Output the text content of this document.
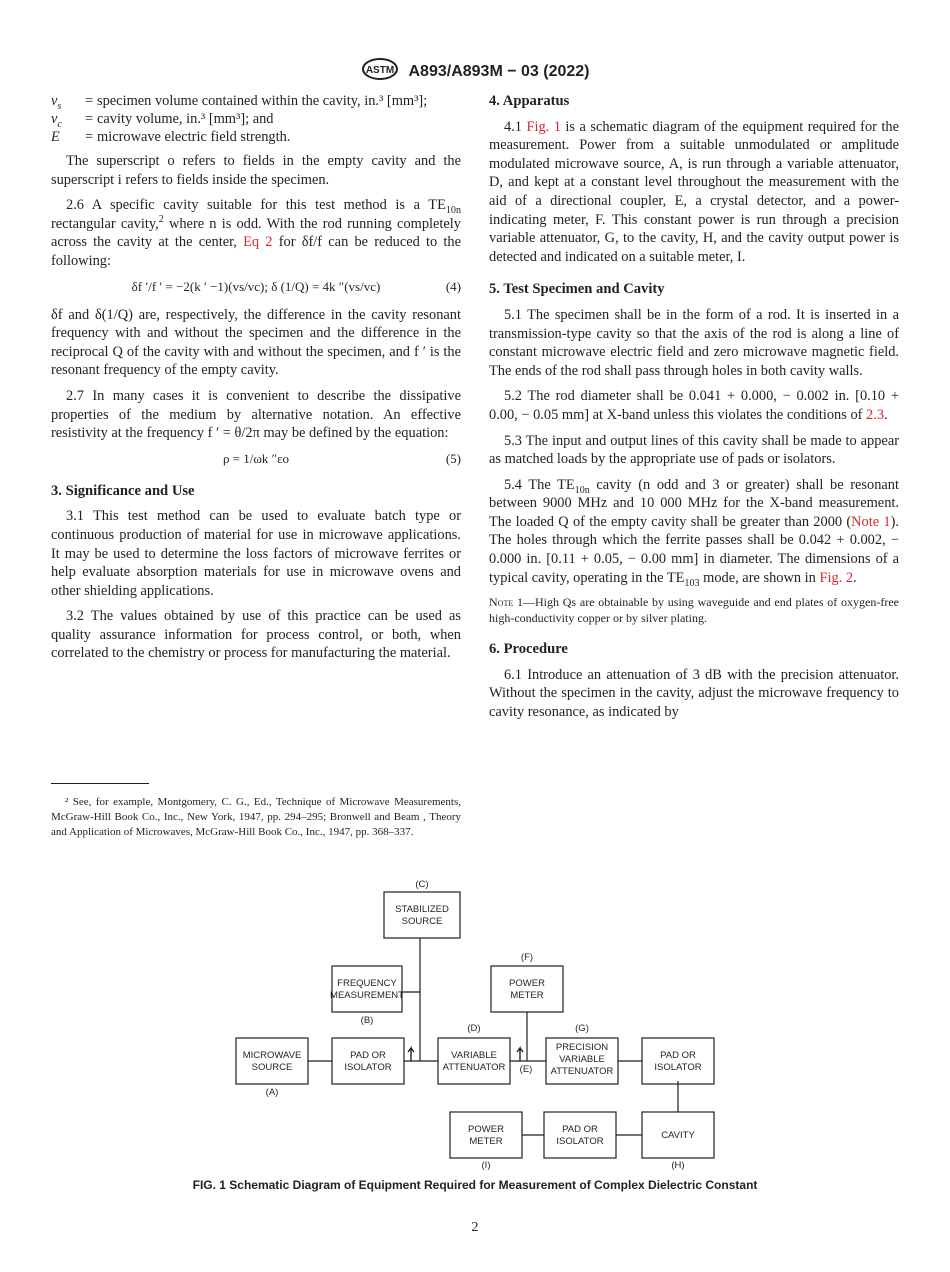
ASTM A893/A893M − 03 (2022)
$v_s$	=	specimen volume contained within the cavity, in.³ [mm³];
$v_c$	=	cavity volume, in.³ [mm³]; and
E	=	microwave electric field strength.

The superscript o refers to fields in the empty cavity and the superscript i refers to fields inside the specimen.

2.6 A specific cavity suitable for this test method is a $TE_{10n}$ rectangular cavity,$^2$ where n is odd. With the rod running completely across the cavity at the center, Eq 2 for δf/f can be reduced to the following:

δf ′/f ′ = −2(k ′ −1)(vs/vc); δ (1/Q) = 4k ″(vs/vc)	(4)

δf and δ(1/Q) are, respectively, the difference in the cavity resonant frequency with and without the specimen and the difference in the reciprocal Q of the cavity with and without the specimen, and f ′ is the resonant frequency of the empty cavity.

2.7 In many cases it is convenient to describe the dissipative properties of the medium by alternative notation. An effective resistivity at the frequency f ′ = θ/2π may be defined by the equation:

ρ = 1/ωk ″εo	(5)
3. Significance and Use

3.1 This test method can be used to evaluate batch type or continuous production of material for use in microwave applications. It may be used to determine the loss factors of microwave ferrites or help evaluate absorption materials for use in microwave ovens and other shielding applications.

3.2 The values obtained by use of this practice can be used as quality assurance information for process control, or both, when correlated to the chemistry or process for manufacturing the material.

² See, for example, Montgomery, C. G., Ed., Technique of Microwave Measurements, McGraw-Hill Book Co., Inc., New York, 1947, pp. 294–295; Bronwell and Beam , Theory and Application of Microwaves, McGraw-Hill Book Co., Inc., 1947, pp. 368–337.
4. Apparatus

4.1 Fig. 1 is a schematic diagram of the equipment required for the measurement. Power from a suitable unmodulated or amplitude modulated microwave source, A, is run through a variable attenuator, D, and kept at a constant level throughout the measurement with the aid of a directional coupler, E, a crystal detector, and a power-indicating meter, F. This constant power is run through a precision variable attenuator, G, to the cavity, H, and the cavity output power is detected and indicated on a suitable meter, I.

5. Test Specimen and Cavity

5.1 The specimen shall be in the form of a rod. It is inserted in a transmission-type cavity so that the axis of the rod is along a line of constant microwave electric field and zero microwave magnetic field. The ends of the rod shall pass through holes in both cavity walls.

5.2 The rod diameter shall be 0.041 + 0.000, − 0.002 in. [0.10 + 0.00, − 0.05 mm] at X-band unless this violates the conditions of 2.3.

5.3 The input and output lines of this cavity shall be made to appear as matched loads by the appropriate use of pads or isolators.

5.4 The $TE_{10n}$ cavity (n odd and 3 or greater) shall be resonant between 9000 MHz and 10 000 MHz for the X-band measurement. The loaded Q of the empty cavity shall be greater than 2000 (Note 1). The holes through which the ferrite passes shall be 0.042 + 0.002, − 0.000 in. [0.11 + 0.05, − 0.00 mm] in diameter. The dimensions of a typical cavity, operating in the $TE_{103}$ mode, are shown in Fig. 2.

Note 1—High Qs are obtainable by using waveguide and end plates of oxygen-free high-conductivity copper or by silver plating.
6. Procedure

6.1 Introduce an attenuation of 3 dB with the precision attenuator. Without the specimen in the cavity, adjust the microwave frequency to cavity resonance, as indicated by

STABILIZED
SOURCE
FREQUENCY
MEASUREMENT
POWER
METER
MICROWAVE
SOURCE
PAD OR
ISOLATOR
VARIABLE
ATTENUATOR
PRECISION
VARIABLE
ATTENUATOR
PAD OR
ISOLATOR
POWER
METER
PAD OR
ISOLATOR
CAVITY
(C)
(B)
(F)
(A)
(D)
(E)
(G)
(I)	(H)
FIG. 1 Schematic Diagram of Equipment Required for Measurement of Complex Dielectric Constant
2
